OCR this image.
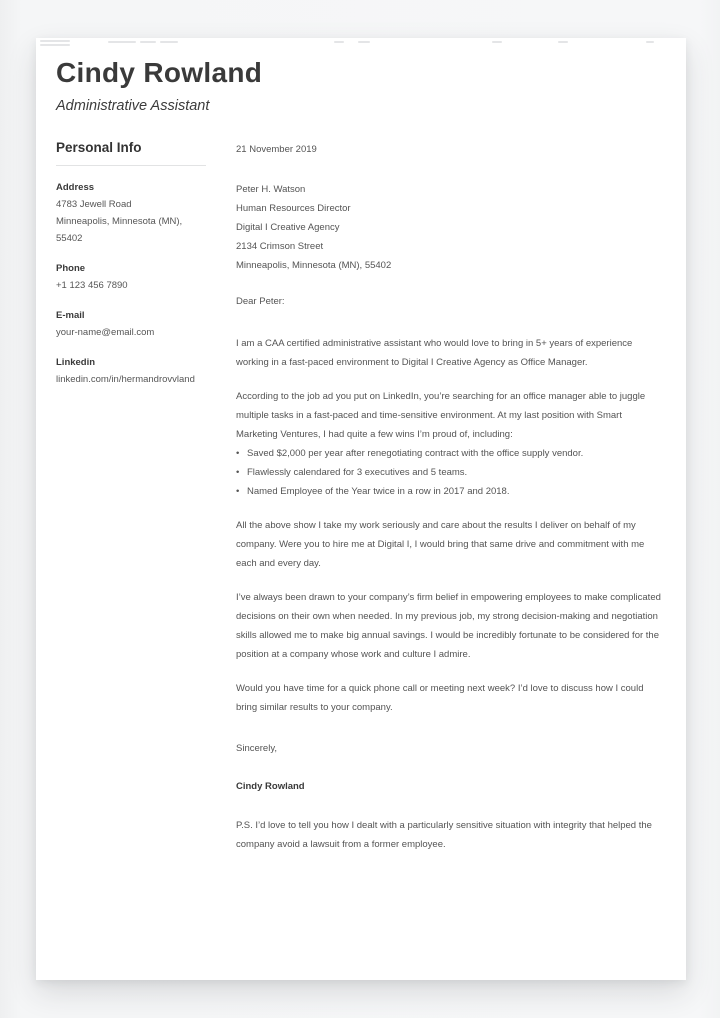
Cindy Rowland
Administrative Assistant
Personal Info
Address
4783 Jewell Road
Minneapolis, Minnesota (MN), 55402
Phone
+1 123 456 7890
E-mail
your-name@email.com
Linkedin
linkedin.com/in/hermandrovvland
21 November 2019
Peter H. Watson
Human Resources Director
Digital I Creative Agency
2134 Crimson Street
Minneapolis, Minnesota (MN), 55402
Dear Peter:

I am a CAA certified administrative assistant who would love to bring in 5+ years of experience working in a fast-paced environment to Digital I Creative Agency as Office Manager.

According to the job ad you put on LinkedIn, you’re searching for an office manager able to juggle multiple tasks in a fast-paced and time-sensitive environment. At my last position with Smart Marketing Ventures, I had quite a few wins I’m proud of, including:

• Saved $2,000 per year after renegotiating contract with the office supply vendor.
• Flawlessly calendared for 3 executives and 5 teams.
• Named Employee of the Year twice in a row in 2017 and 2018.

All the above show I take my work seriously and care about the results I deliver on behalf of my company. Were you to hire me at Digital I, I would bring that same drive and commitment with me each and every day.

I’ve always been drawn to your company’s firm belief in empowering employees to make complicated decisions on their own when needed. In my previous job, my strong decision-making and negotiation skills allowed me to make big annual savings. I would be incredibly fortunate to be considered for the position at a company whose work and culture I admire.

Would you have time for a quick phone call or meeting next week? I’d love to discuss how I could bring similar results to your company.

Sincerely,
Cindy Rowland

P.S. I’d love to tell you how I dealt with a particularly sensitive situation with integrity that helped the company avoid a lawsuit from a former employee.
